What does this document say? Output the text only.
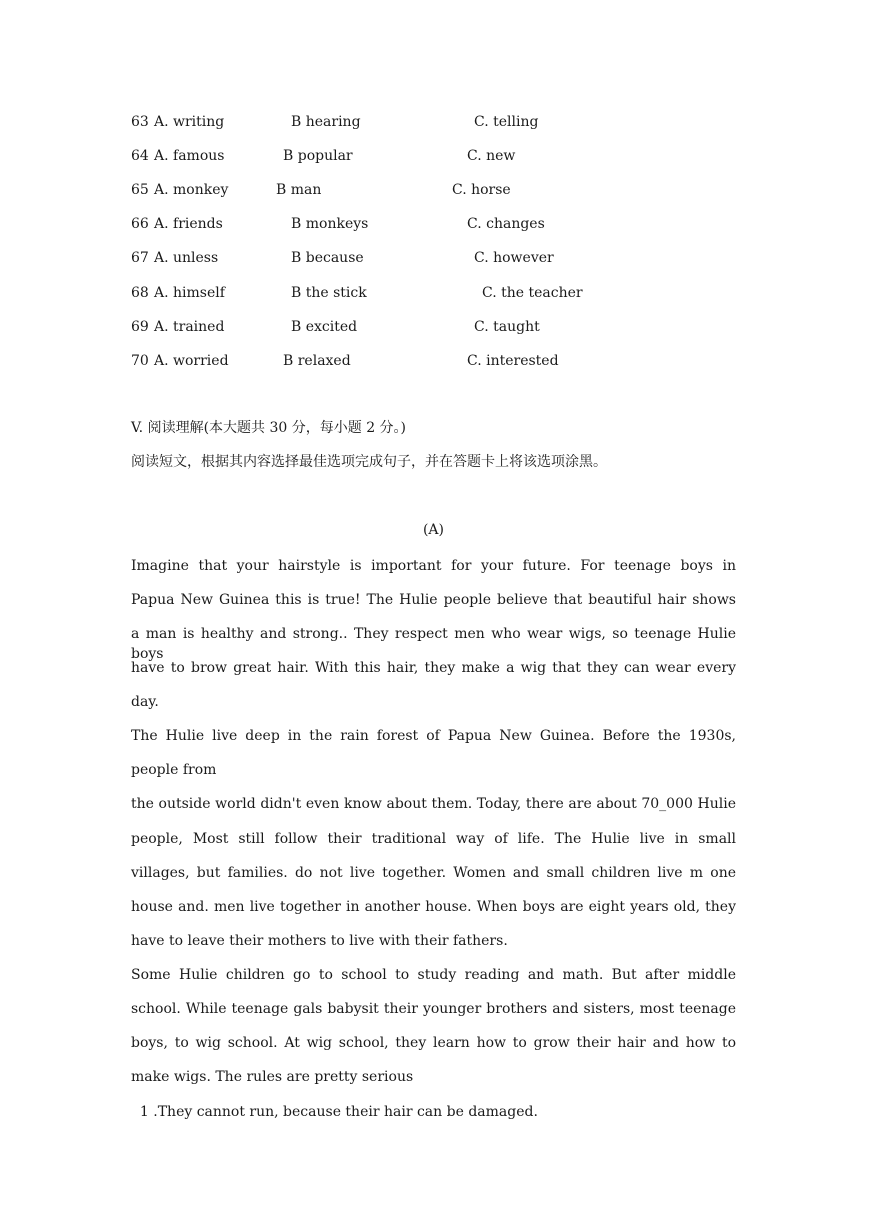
63

A. writing

	B hearing

	C. telling

64

A. famous

	B popular

	C. new

65

A. monkey

	B man

	C. horse

66

A. friends

	B monkeys

	C. changes

67

A. unless

	B because

	C. however

68

A. himself

	B the stick

	C. the teacher

69

A. trained

	B excited

	C. taught

70

A. worried

	B relaxed

	C. interested

V. 阅读理解(本大题共 30 分，每小题 2 分。)
阅读短文，根据其内容选择最佳选项完成句子，并在答题卡上将该选项涂黑。
(A)
Imagine that your hairstyle is important for your future. For teenage boys in
Papua New Guinea this is true! The Hulie people believe that beautiful hair shows
a man is healthy and strong.. They respect men who wear wigs, so teenage Hulie boys
have to brow great hair. With this hair, they make a wig that they can wear every
day.
The Hulie live deep in the rain forest of Papua New Guinea. Before the 1930s,
people from
the outside world didn't even know about them. Today, there are about 70_000 Hulie
people, Most still follow their traditional way of life. The Hulie live in small
villages, but families. do not live together. Women and small children live m one
house and. men live together in another house. When boys are eight years old, they
have to leave their mothers to live with their fathers.
Some Hulie children go to school to study reading and math. But after middle
school. While teenage gals babysit their younger brothers and sisters, most teenage
boys, to wig school. At wig school, they learn how to grow their hair and how to
make wigs. The rules are pretty serious
1 .They cannot run, because their hair can be damaged.
